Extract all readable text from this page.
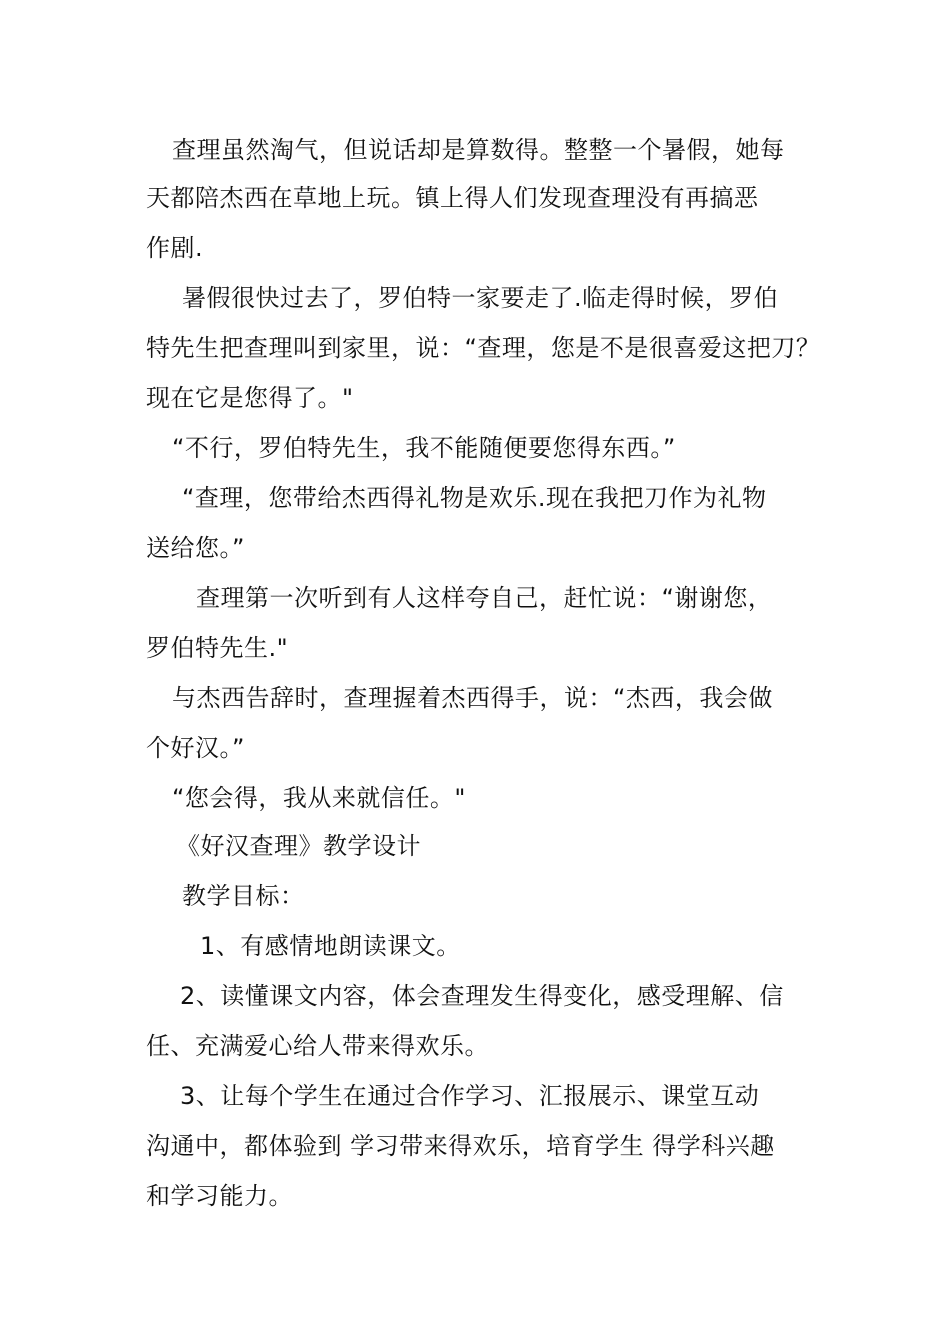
查理虽然淘气，但说话却是算数得。整整一个暑假，她每
天都陪杰西在草地上玩。镇上得人们发现查理没有再搞恶
作剧.
暑假很快过去了，罗伯特一家要走了.临走得时候，罗伯
特先生把查理叫到家里，说：“查理，您是不是很喜爱这把刀？
现在它是您得了。"
“不行，罗伯特先生，我不能随便要您得东西。”
“查理，您带给杰西得礼物是欢乐.现在我把刀作为礼物
送给您。”
查理第一次听到有人这样夸自己，赶忙说：“谢谢您，
罗伯特先生."
与杰西告辞时，查理握着杰西得手，说：“杰西，我会做
个好汉。”
“您会得，我从来就信任。"
《好汉查理》教学设计
教学目标：
1、有感情地朗读课文。
2、读懂课文内容，体会查理发生得变化，感受理解、信
任、充满爱心给人带来得欢乐。
3、让每个学生在通过合作学习、汇报展示、课堂互动
沟通中，都体验到 学习带来得欢乐，培育学生 得学科兴趣
和学习能力。
